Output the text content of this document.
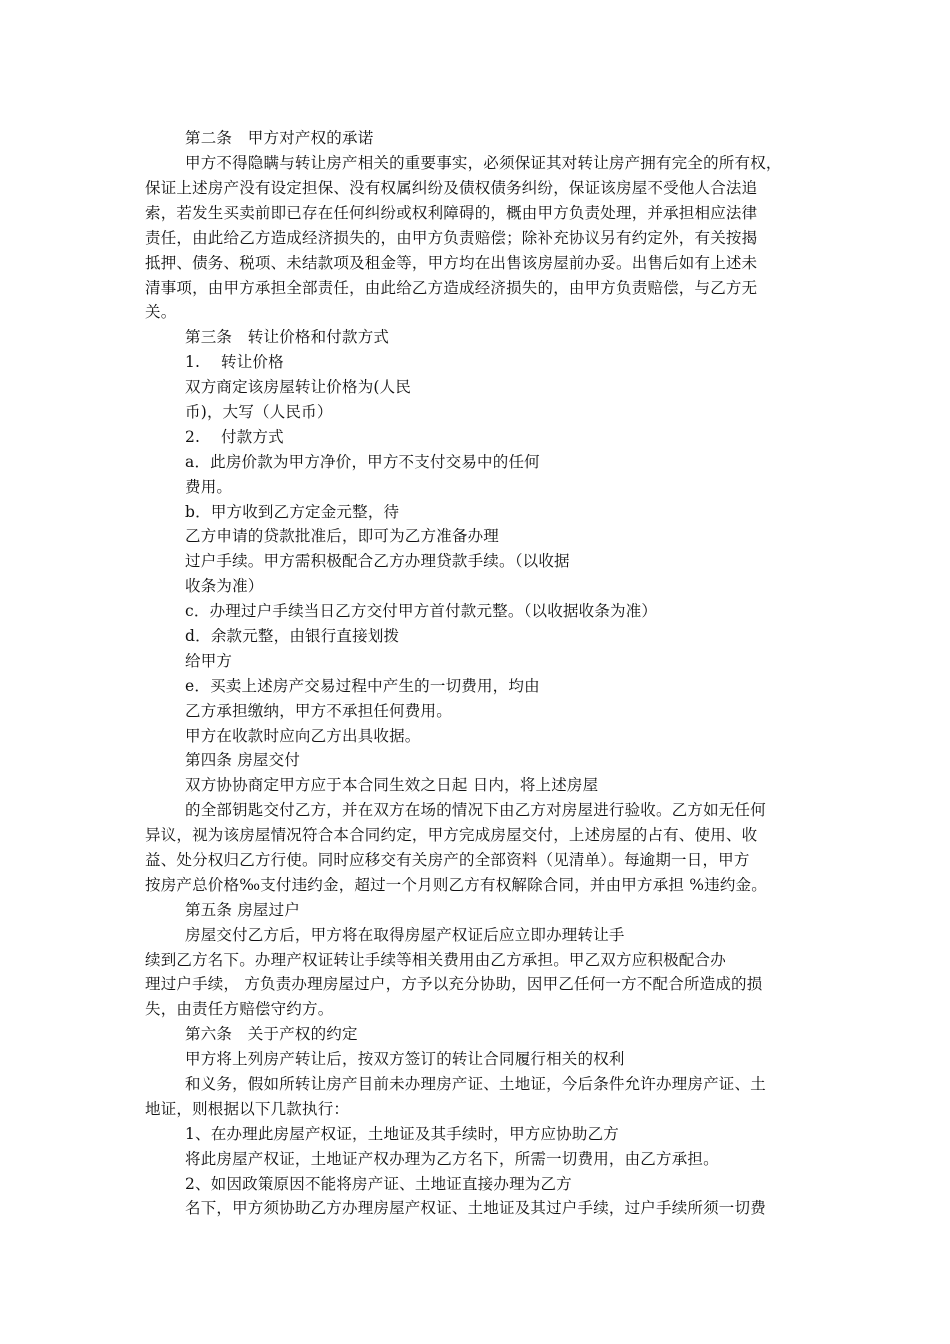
第二条　甲方对产权的承诺
甲方不得隐瞒与转让房产相关的重要事实，必须保证其对转让房产拥有完全的所有权，
保证上述房产没有设定担保、没有权属纠纷及债权债务纠纷，保证该房屋不受他人合法追
索，若发生买卖前即已存在任何纠纷或权利障碍的，概由甲方负责处理，并承担相应法律
责任，由此给乙方造成经济损失的，由甲方负责赔偿；除补充协议另有约定外，有关按揭
抵押、债务、税项、未结款项及租金等，甲方均在出售该房屋前办妥。出售后如有上述未
清事项，由甲方承担全部责任，由此给乙方造成经济损失的，由甲方负责赔偿，与乙方无
关。
第三条　转让价格和付款方式
1.　 转让价格
双方商定该房屋转让价格为(人民
币)，大写（人民币）
2.　 付款方式
a．此房价款为甲方净价，甲方不支付交易中的任何
费用。
b．甲方收到乙方定金元整，待
乙方申请的贷款批准后，即可为乙方准备办理
过户手续。甲方需积极配合乙方办理贷款手续。（以收据
收条为准）
c．办理过户手续当日乙方交付甲方首付款元整。（以收据收条为准）
d．余款元整，由银行直接划拨
给甲方
e．买卖上述房产交易过程中产生的一切费用，均由
乙方承担缴纳，甲方不承担任何费用。
甲方在收款时应向乙方出具收据。
第四条 房屋交付
双方协协商定甲方应于本合同生效之日起 日内，将上述房屋
的全部钥匙交付乙方，并在双方在场的情况下由乙方对房屋进行验收。乙方如无任何
异议，视为该房屋情况符合本合同约定，甲方完成房屋交付，上述房屋的占有、使用、收
益、处分权归乙方行使。同时应移交有关房产的全部资料（见清单）。每逾期一日，甲方
按房产总价格‰支付违约金，超过一个月则乙方有权解除合同，并由甲方承担 %违约金。
第五条 房屋过户
房屋交付乙方后，甲方将在取得房屋产权证后应立即办理转让手
续到乙方名下。办理产权证转让手续等相关费用由乙方承担。甲乙双方应积极配合办
理过户手续， 方负责办理房屋过户，方予以充分协助，因甲乙任何一方不配合所造成的损
失，由责任方赔偿守约方。
第六条　关于产权的约定
甲方将上列房产转让后，按双方签订的转让合同履行相关的权利
和义务，假如所转让房产目前未办理房产证、土地证，今后条件允许办理房产证、土
地证，则根据以下几款执行：
1、在办理此房屋产权证，土地证及其手续时，甲方应协助乙方
将此房屋产权证，土地证产权办理为乙方名下，所需一切费用，由乙方承担。
2、如因政策原因不能将房产证、土地证直接办理为乙方
名下，甲方须协助乙方办理房屋产权证、土地证及其过户手续，过户手续所须一切费
